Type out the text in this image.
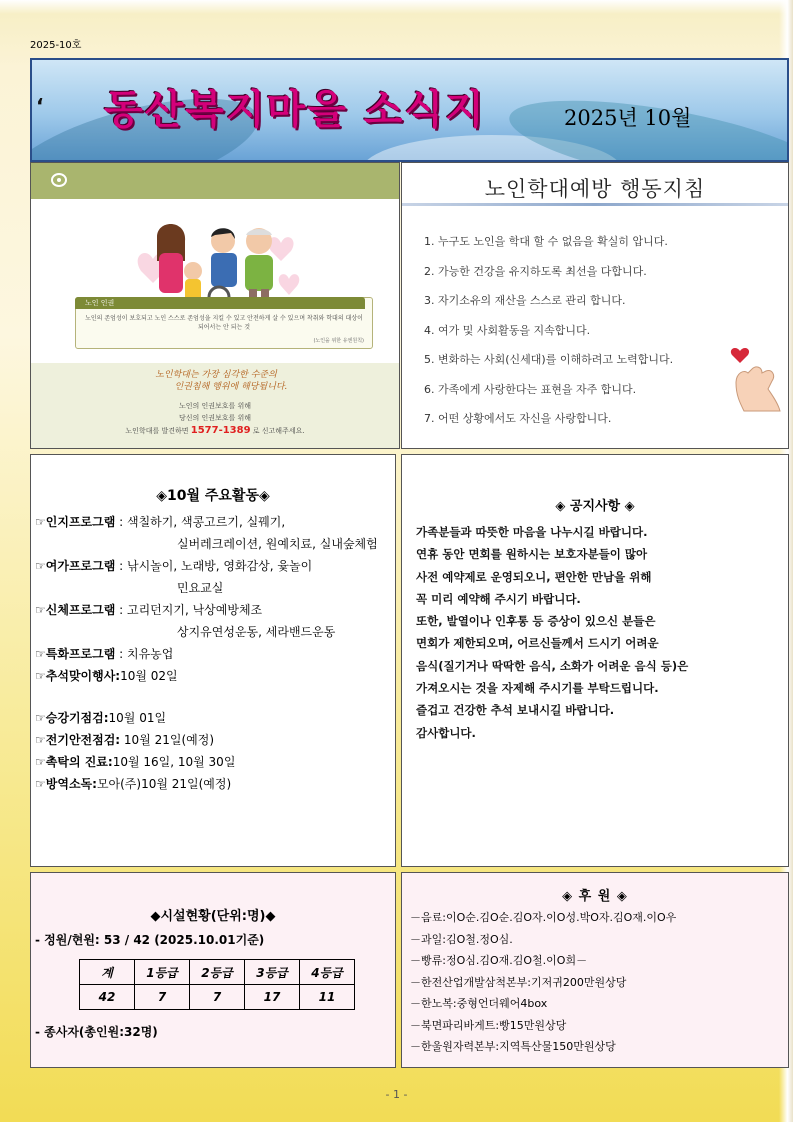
2025-10호
‘ 동산복지마을 소식지	2025년 10월
노인 인권
노인의 존엄성이 보호되고 노인 스스로 존엄성을 지킬 수 있고 안전하게 살 수 있으며 착취와 학대의 대상이 되어서는 안 되는 것
(노인을 위한 유엔원칙)
노인학대는 가장 심각한 수준의
인권침해 행위에 해당됩니다.
노인의 인권보호를 위해
당신의 인권보호를 위해
노인학대를 발견하면 1577-1389 로 신고해주세요.
노인학대예방 행동지침
1. 누구도 노인을 학대 할 수 없음을 확실히 압니다.
2. 가능한 건강을 유지하도록 최선을 다합니다.
3. 자기소유의 재산을 스스로 관리 합니다.
4. 여가 및 사회활동을 지속합니다.
5. 변화하는 사회(신세대)를 이해하려고 노력합니다.
6. 가족에게 사랑한다는 표현을 자주 합니다.
7. 어떤 상황에서도 자신을 사랑합니다.
◈10월 주요활동◈
☞인지프로그램 : 색칠하기, 색콩고르기, 실꿰기,
실버레크레이션, 원예치료, 실내숲체험
☞여가프로그램 : 낚시놀이, 노래방, 영화감상, 윷놀이
민요교실
☞신체프로그램 : 고리던지기, 낙상예방체조
상지유연성운동, 세라밴드운동
☞특화프로그램 : 치유농업
☞추석맞이행사:10월 02일
☞승강기점검:10월 01일
☞전기안전점검: 10월 21일(예정)
☞촉탁의 진료:10월 16일, 10월 30일
☞방역소독:모아(주)10월 21일(예정)
◈ 공지사항 ◈
가족분들과 따뜻한 마음을 나누시길 바랍니다.
연휴 동안 면회를 원하시는 보호자분들이 많아
사전 예약제로 운영되오니, 편안한 만남을 위해
꼭 미리 예약해 주시기 바랍니다.
또한, 발열이나 인후통 등 증상이 있으신 분들은
면회가 제한되오며, 어르신들께서 드시기 어려운
음식(질기거나 딱딱한 음식, 소화가 어려운 음식 등)은
가져오시는 것을 자제해 주시기를 부탁드립니다.
즐겁고 건강한 추석 보내시길 바랍니다.
감사합니다.
◆시설현황(단위:명)◆
- 정원/현원: 53 / 42 (2025.10.01기준)
계	1등급	2등급	3등급	4등급
42	7	7	17	11
- 종사자(총인원:32명)
◈ 후 원 ◈
－음료:이O순.김O순.김O자.이O성.박O자.김O재.이O우
－과일:김O철.정O심.
－빵류:정O심.김O재.김O철.이O희－
－한전산업개발삼척본부:기저귀200만원상당
－한노복:중형언더웨어4box
－북면파리바게트:빵15만원상당
－한울원자력본부:지역특산물150만원상당
- 1 -
